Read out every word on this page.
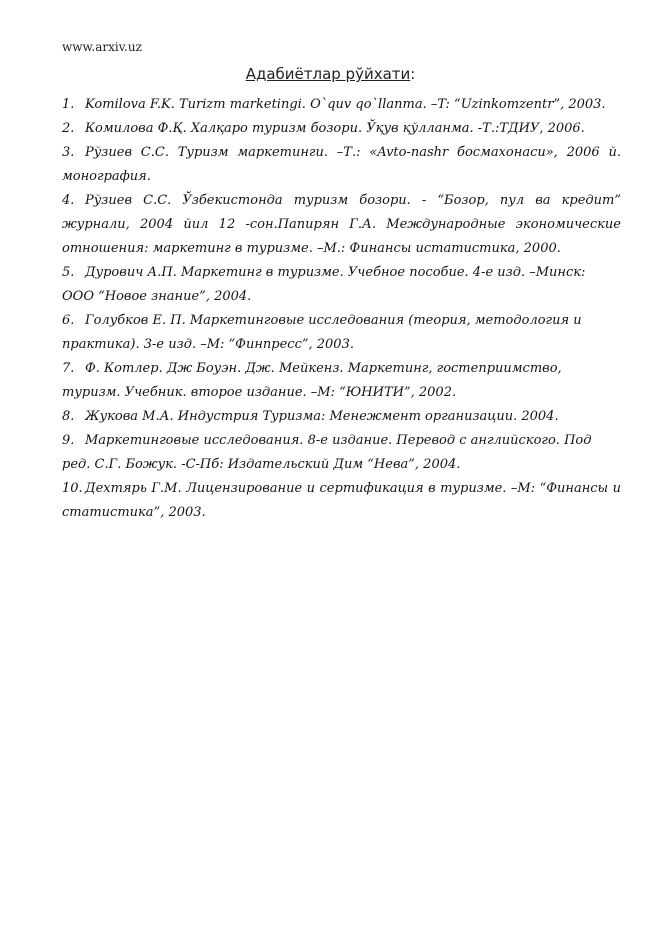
www.arxiv.uz
Адабиётлар рўйхати:
1. Komilova F.K. Turizm marketingi. O`quv qo`llanma. –T: “Uzinkomzentr”, 2003.
2. Комилова Ф.Қ. Халқаро туризм бозори. Ўқув қўлланма. -Т.:ТДИУ, 2006.
3. Рўзиев С.С. Туризм маркетинги. –Т.: «Avto-nashr босмахонаси», 2006 й. монография.
4. Рўзиев С.С. Ўзбекистонда туризм бозори. - “Бозор, пул ва кредит” журнали, 2004 йил 12 -сон.Папирян Г.А. Международные экономические отношения: маркетинг в туризме. –М.: Финансы истатистика, 2000.
5. Дурович А.П. Маркетинг в туризме. Учебное пособие. 4-е изд. –Минск: ООО “Новое знание”, 2004.
6. Голубков Е. П. Маркетинговые исследования (теория, методология и практика). 3-е изд. –М: “Финпресс”, 2003.
7. Ф. Котлер. Дж Боуэн. Дж. Мейкенз. Маркетинг, гостеприимство, туризм. Учебник. второе издание. –М: “ЮНИТИ”, 2002.
8. Жукова М.А. Индустрия Туризма: Менежмент организации. 2004.
9. Маркетинговые исследования. 8-е издание. Перевод с английского. Под ред. С.Г. Божук. -С-Пб: Издательский Дим “Нева”, 2004.
10. Дехтярь Г.М. Лицензирование и сертификация в туризме. –М: “Финансы и статистика”, 2003.
